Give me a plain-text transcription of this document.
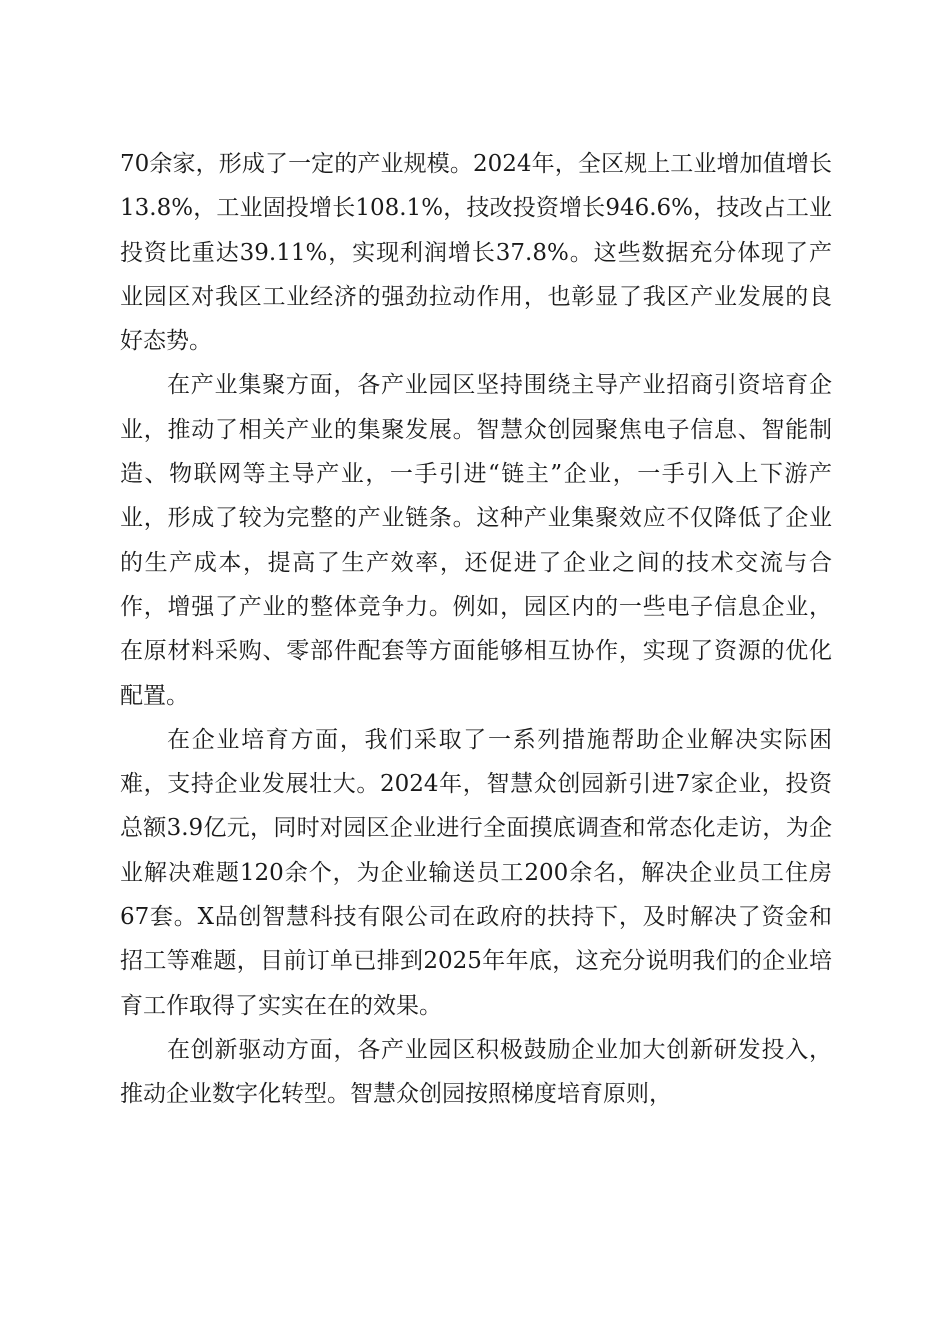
70余家，形成了一定的产业规模。2024年，全区规上工业增加值增长13.8%，工业固投增长108.1%，技改投资增长946.6%，技改占工业投资比重达39.11%，实现利润增长37.8%。这些数据充分体现了产业园区对我区工业经济的强劲拉动作用，也彰显了我区产业发展的良好态势。

在产业集聚方面，各产业园区坚持围绕主导产业招商引资培育企业，推动了相关产业的集聚发展。智慧众创园聚焦电子信息、智能制造、物联网等主导产业，一手引进“链主”企业，一手引入上下游产业，形成了较为完整的产业链条。这种产业集聚效应不仅降低了企业的生产成本，提高了生产效率，还促进了企业之间的技术交流与合作，增强了产业的整体竞争力。例如，园区内的一些电子信息企业，在原材料采购、零部件配套等方面能够相互协作，实现了资源的优化配置。

在企业培育方面，我们采取了一系列措施帮助企业解决实际困难，支持企业发展壮大。2024年，智慧众创园新引进7家企业，投资总额3.9亿元，同时对园区企业进行全面摸底调查和常态化走访，为企业解决难题120余个，为企业输送员工200余名，解决企业员工住房67套。X品创智慧科技有限公司在政府的扶持下，及时解决了资金和招工等难题，目前订单已排到2025年年底，这充分说明我们的企业培育工作取得了实实在在的效果。

在创新驱动方面，各产业园区积极鼓励企业加大创新研发投入，推动企业数字化转型。智慧众创园按照梯度培育原则，
